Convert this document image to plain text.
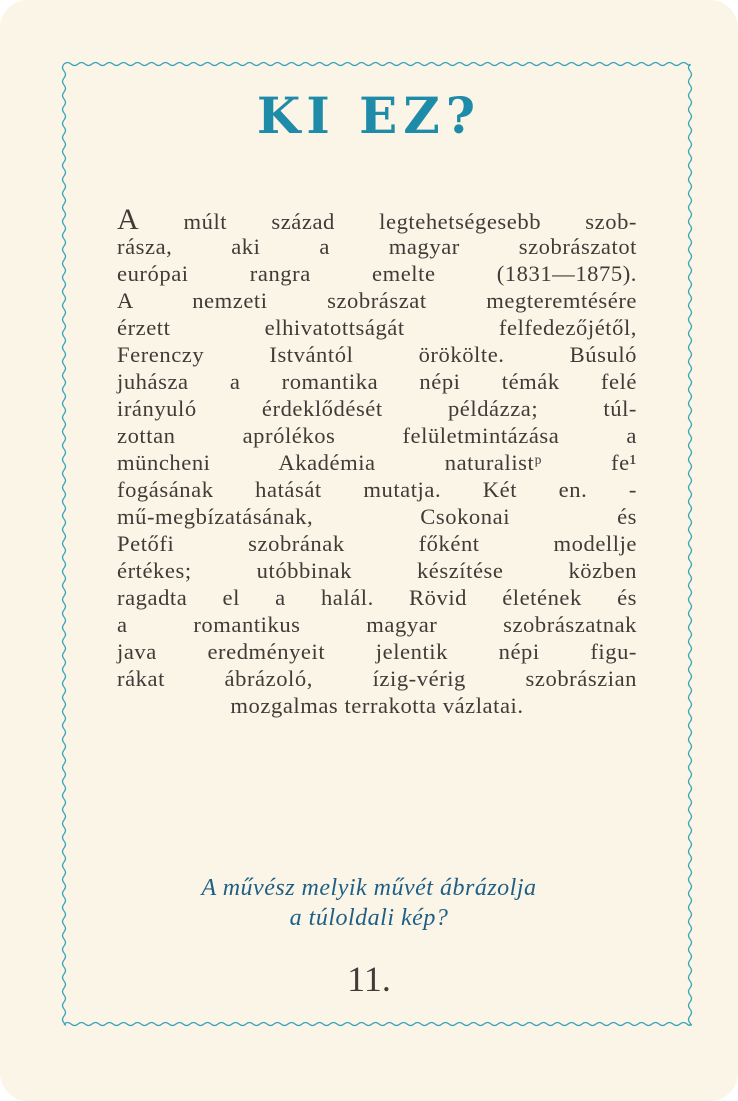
KI EZ?
A múlt század legtehetségesebb szob-
rásza, aki a magyar szobrászatot
európai rangra emelte (1831—1875).
A nemzeti szobrászat megteremtésére
érzett elhivatottságát felfedezőjétől,
Ferenczy Istvántól örökölte. Búsuló
juhásza a romantika népi témák felé
irányuló érdeklődését példázza; túl-
zottan aprólékos felületmintázása a
müncheni Akadémia naturalistᵖ fe¹
fogásának hatását mutatja. Két en. -
mű-megbízatásának, Csokonai és
Petőfi szobrának főként modellje
értékes; utóbbinak készítése közben
ragadta el a halál. Rövid életének és
a romantikus magyar szobrászatnak
java eredményeit jelentik népi figu-
rákat ábrázoló, ízig-vérig szobrászian
mozgalmas terrakotta vázlatai.

A művész melyik művét ábrázolja
a túloldali kép?

11.
